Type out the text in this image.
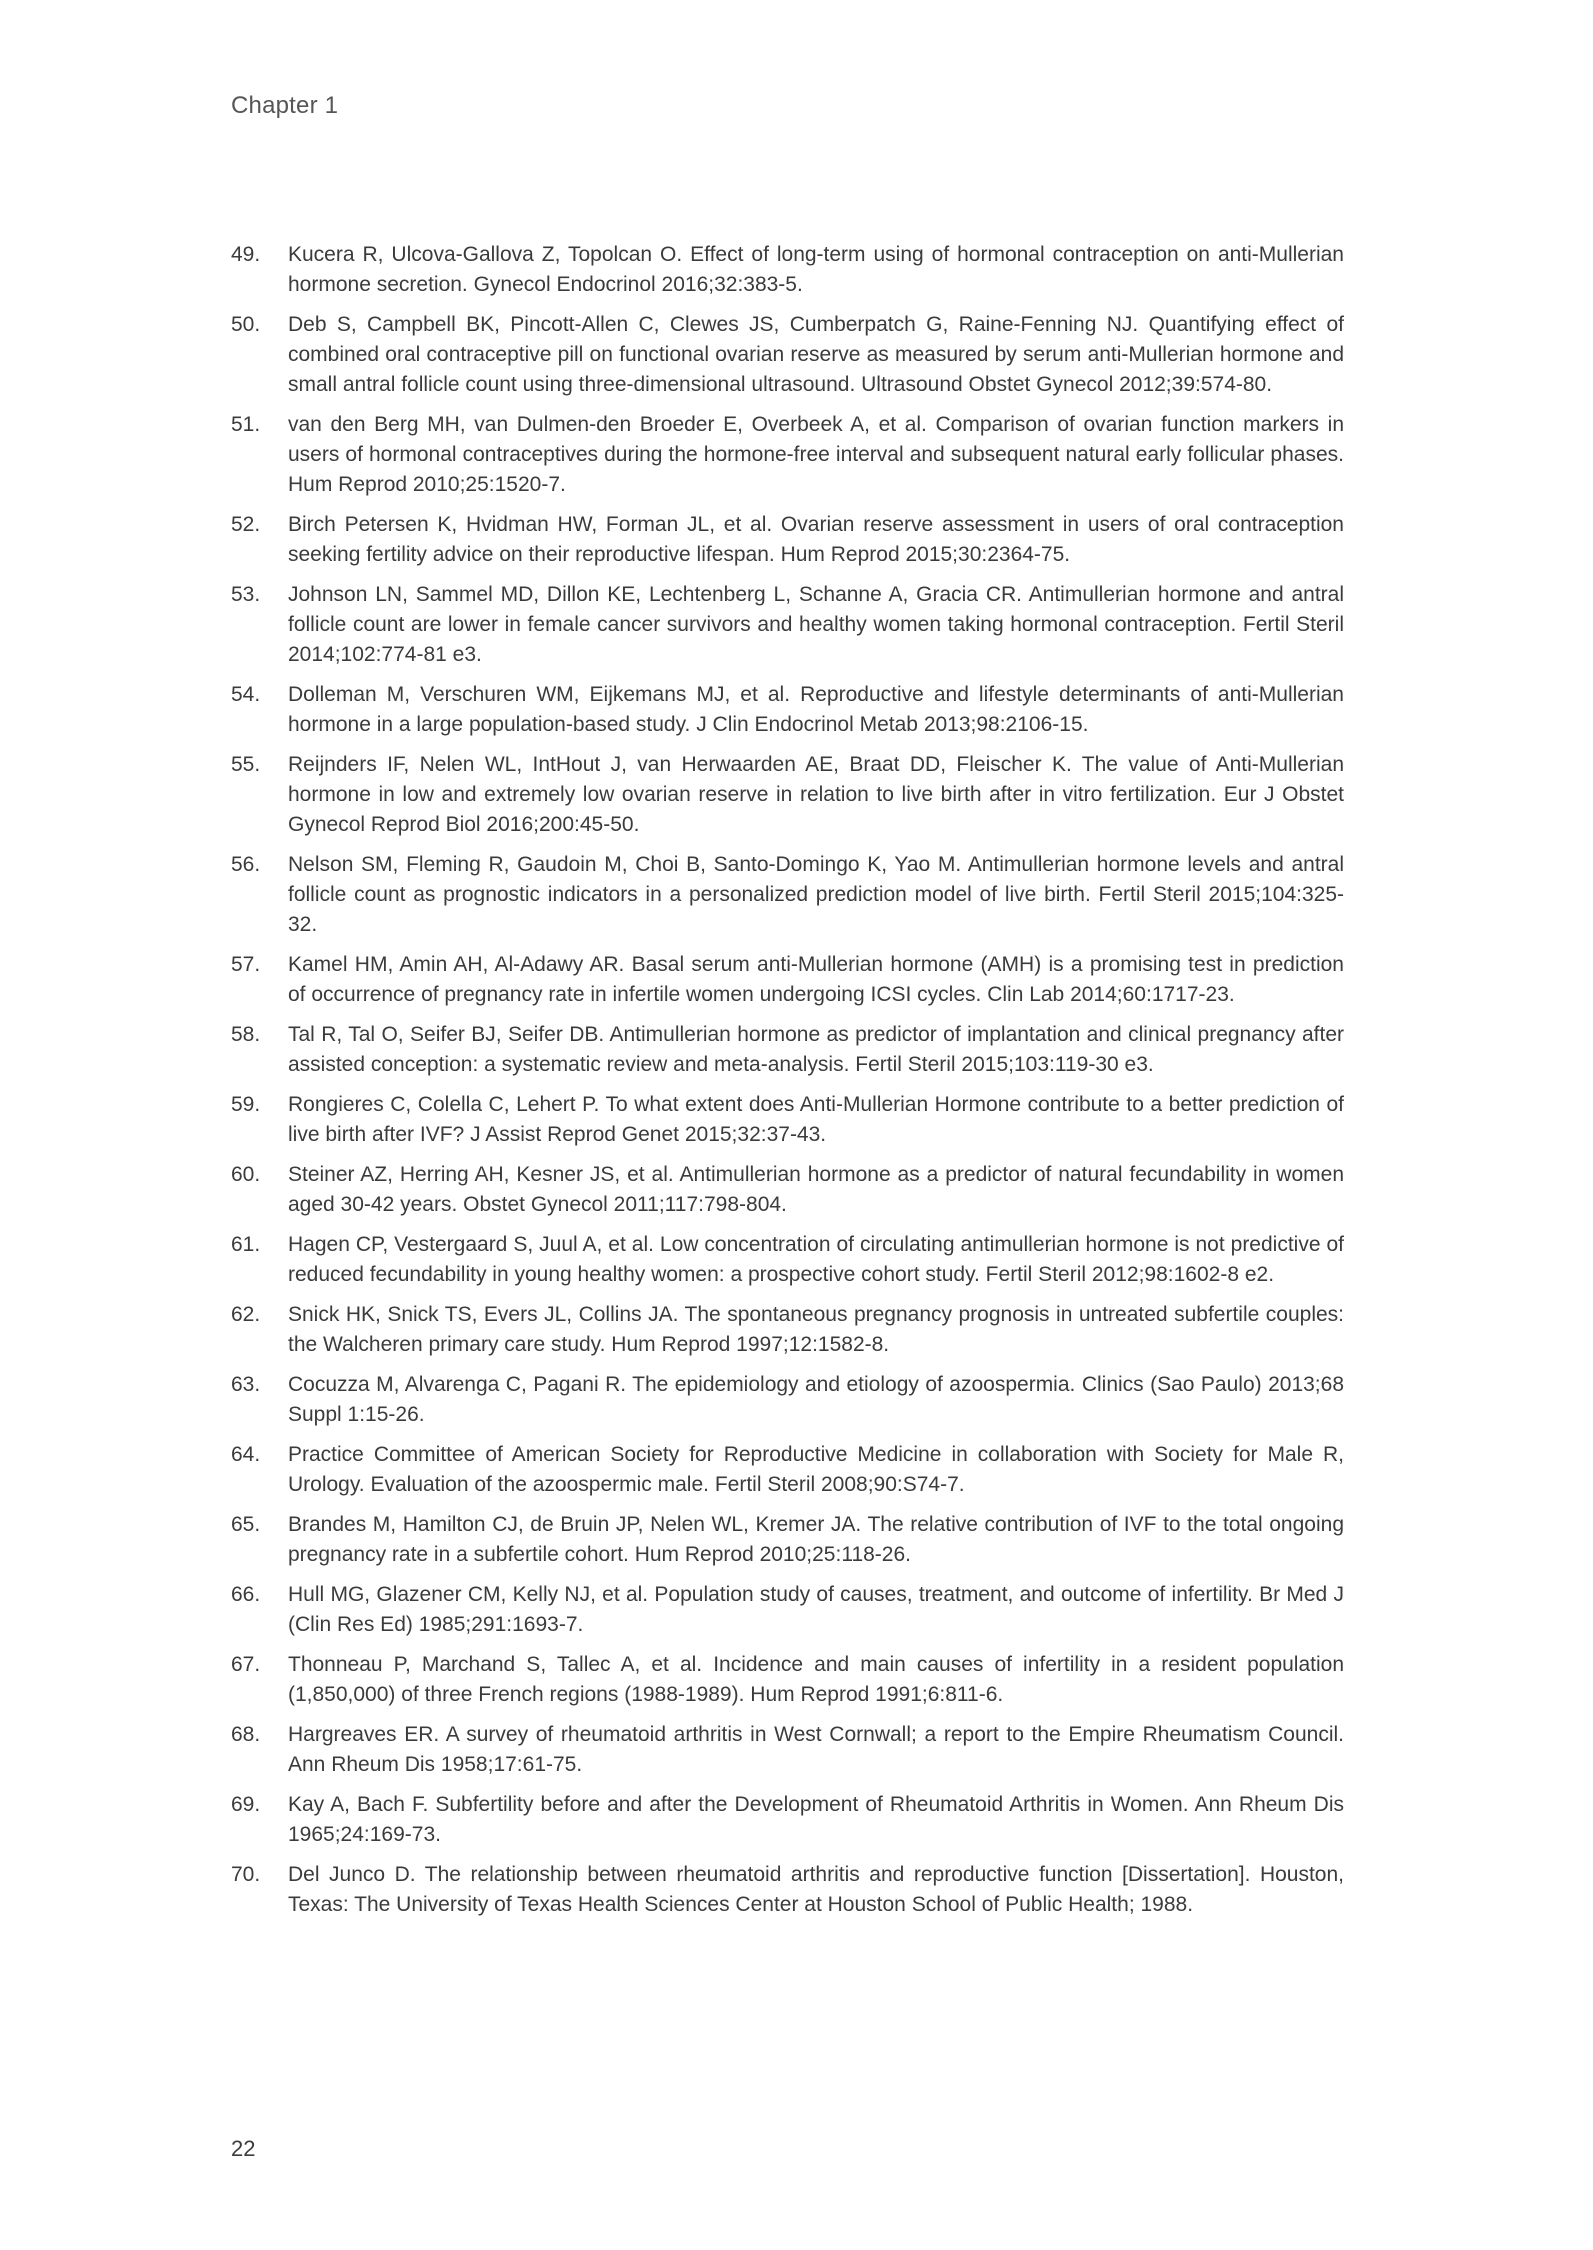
Chapter 1
49.	Kucera R, Ulcova-Gallova Z, Topolcan O. Effect of long-term using of hormonal contraception on anti-Mullerian hormone secretion. Gynecol Endocrinol 2016;32:383-5.
50.	Deb S, Campbell BK, Pincott-Allen C, Clewes JS, Cumberpatch G, Raine-Fenning NJ. Quantifying effect of combined oral contraceptive pill on functional ovarian reserve as measured by serum anti-Mullerian hormone and small antral follicle count using three-dimensional ultrasound. Ultrasound Obstet Gynecol 2012;39:574-80.
51.	van den Berg MH, van Dulmen-den Broeder E, Overbeek A, et al. Comparison of ovarian function markers in users of hormonal contraceptives during the hormone-free interval and subsequent natural early follicular phases. Hum Reprod 2010;25:1520-7.
52.	Birch Petersen K, Hvidman HW, Forman JL, et al. Ovarian reserve assessment in users of oral contraception seeking fertility advice on their reproductive lifespan. Hum Reprod 2015;30:2364-75.
53.	Johnson LN, Sammel MD, Dillon KE, Lechtenberg L, Schanne A, Gracia CR. Antimullerian hormone and antral follicle count are lower in female cancer survivors and healthy women taking hormonal contraception. Fertil Steril 2014;102:774-81 e3.
54.	Dolleman M, Verschuren WM, Eijkemans MJ, et al. Reproductive and lifestyle determinants of anti-Mullerian hormone in a large population-based study. J Clin Endocrinol Metab 2013;98:2106-15.
55.	Reijnders IF, Nelen WL, IntHout J, van Herwaarden AE, Braat DD, Fleischer K. The value of Anti-Mullerian hormone in low and extremely low ovarian reserve in relation to live birth after in vitro fertilization. Eur J Obstet Gynecol Reprod Biol 2016;200:45-50.
56.	Nelson SM, Fleming R, Gaudoin M, Choi B, Santo-Domingo K, Yao M. Antimullerian hormone levels and antral follicle count as prognostic indicators in a personalized prediction model of live birth. Fertil Steril 2015;104:325-32.
57.	Kamel HM, Amin AH, Al-Adawy AR. Basal serum anti-Mullerian hormone (AMH) is a promising test in prediction of occurrence of pregnancy rate in infertile women undergoing ICSI cycles. Clin Lab 2014;60:1717-23.
58.	Tal R, Tal O, Seifer BJ, Seifer DB. Antimullerian hormone as predictor of implantation and clinical pregnancy after assisted conception: a systematic review and meta-analysis. Fertil Steril 2015;103:119-30 e3.
59.	Rongieres C, Colella C, Lehert P. To what extent does Anti-Mullerian Hormone contribute to a better prediction of live birth after IVF? J Assist Reprod Genet 2015;32:37-43.
60.	Steiner AZ, Herring AH, Kesner JS, et al. Antimullerian hormone as a predictor of natural fecundability in women aged 30-42 years. Obstet Gynecol 2011;117:798-804.
61.	Hagen CP, Vestergaard S, Juul A, et al. Low concentration of circulating antimullerian hormone is not predictive of reduced fecundability in young healthy women: a prospective cohort study. Fertil Steril 2012;98:1602-8 e2.
62.	Snick HK, Snick TS, Evers JL, Collins JA. The spontaneous pregnancy prognosis in untreated subfertile couples: the Walcheren primary care study. Hum Reprod 1997;12:1582-8.
63.	Cocuzza M, Alvarenga C, Pagani R. The epidemiology and etiology of azoospermia. Clinics (Sao Paulo) 2013;68 Suppl 1:15-26.
64.	Practice Committee of American Society for Reproductive Medicine in collaboration with Society for Male R, Urology. Evaluation of the azoospermic male. Fertil Steril 2008;90:S74-7.
65.	Brandes M, Hamilton CJ, de Bruin JP, Nelen WL, Kremer JA. The relative contribution of IVF to the total ongoing pregnancy rate in a subfertile cohort. Hum Reprod 2010;25:118-26.
66.	Hull MG, Glazener CM, Kelly NJ, et al. Population study of causes, treatment, and outcome of infertility. Br Med J (Clin Res Ed) 1985;291:1693-7.
67.	Thonneau P, Marchand S, Tallec A, et al. Incidence and main causes of infertility in a resident population (1,850,000) of three French regions (1988-1989). Hum Reprod 1991;6:811-6.
68.	Hargreaves ER. A survey of rheumatoid arthritis in West Cornwall; a report to the Empire Rheumatism Council. Ann Rheum Dis 1958;17:61-75.
69.	Kay A, Bach F. Subfertility before and after the Development of Rheumatoid Arthritis in Women. Ann Rheum Dis 1965;24:169-73.
70.	Del Junco D. The relationship between rheumatoid arthritis and reproductive function [Dissertation]. Houston, Texas: The University of Texas Health Sciences Center at Houston School of Public Health; 1988.
22
